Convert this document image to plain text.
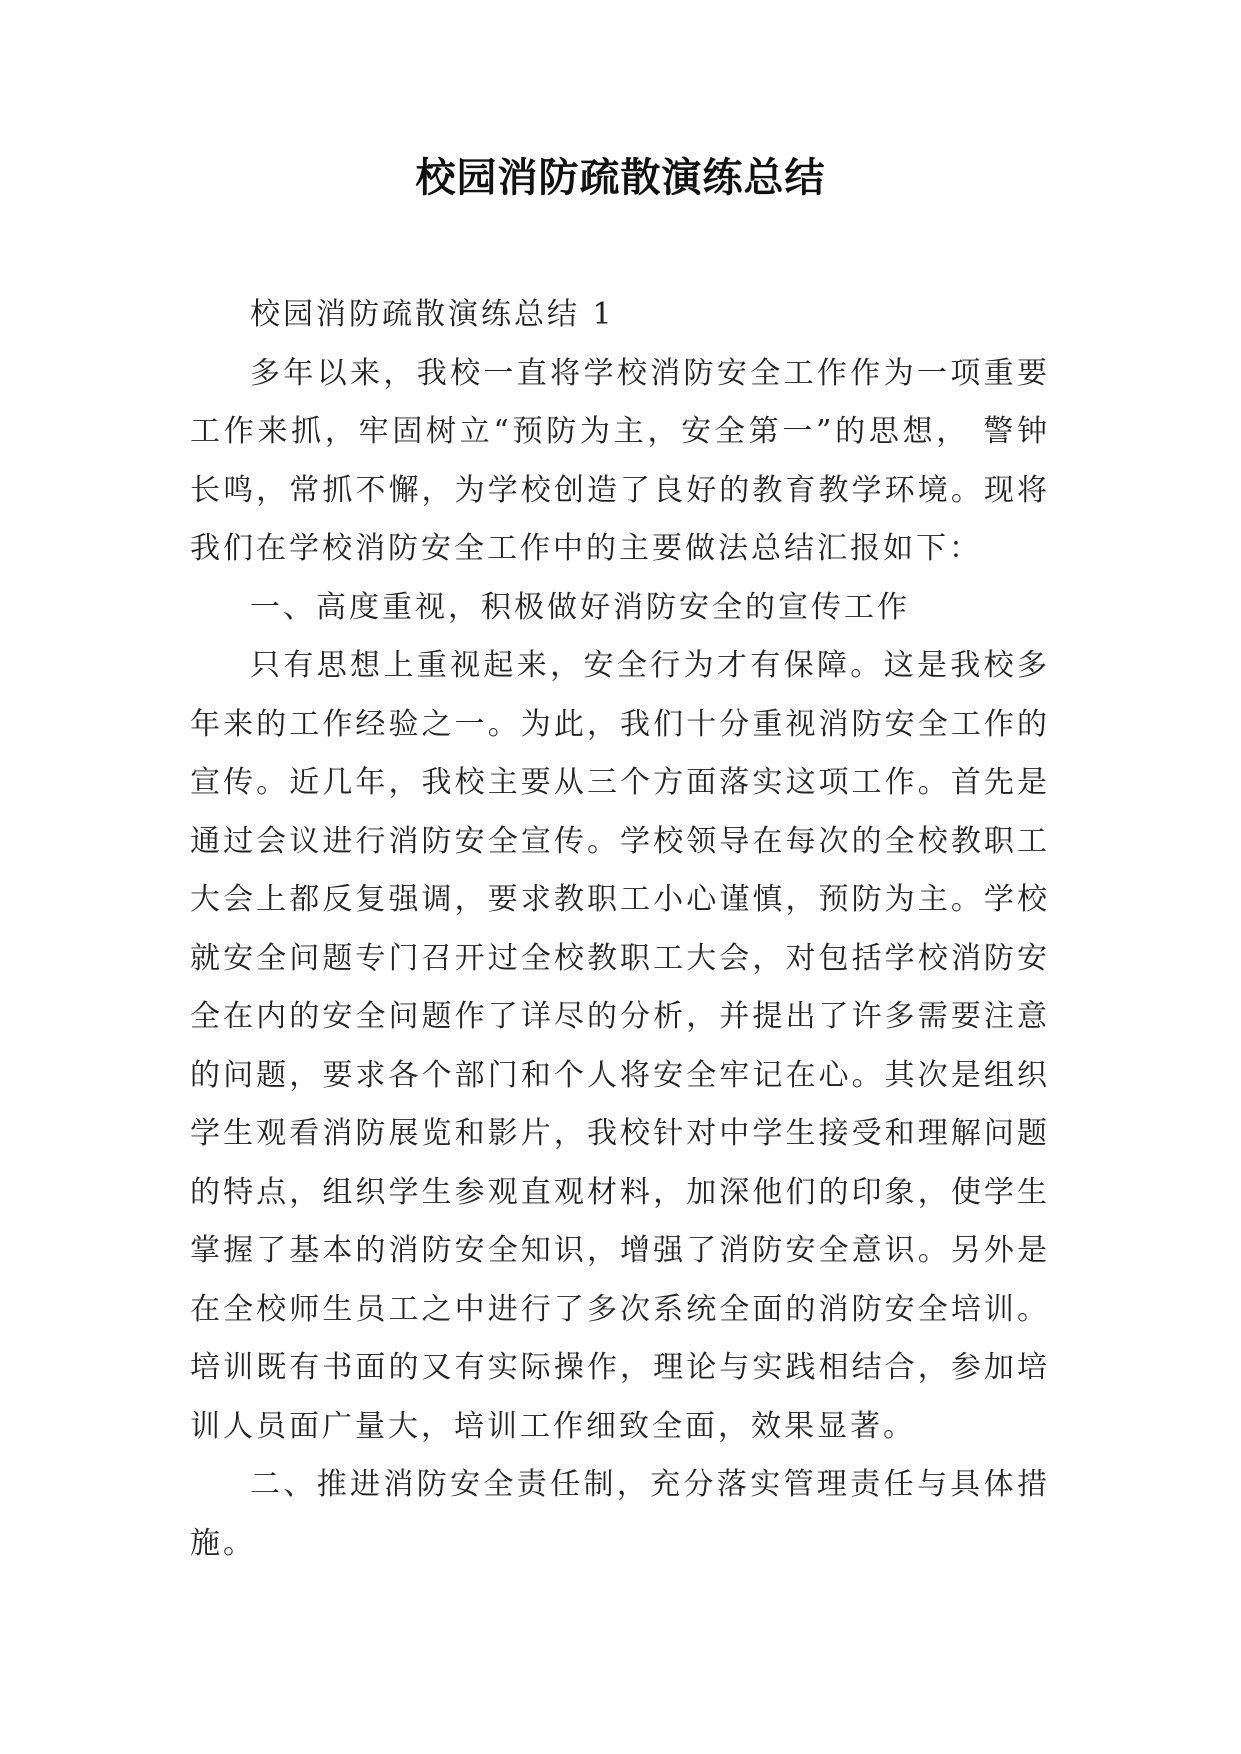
校园消防疏散演练总结

校园消防疏散演练总结 1

多年以来，我校一直将学校消防安全工作作为一项重要工作来抓，牢固树立“预防为主，安全第一”的思想， 警钟长鸣，常抓不懈，为学校创造了良好的教育教学环境。现将我们在学校消防安全工作中的主要做法总结汇报如下：

一、高度重视，积极做好消防安全的宣传工作

只有思想上重视起来，安全行为才有保障。这是我校多年来的工作经验之一。为此，我们十分重视消防安全工作的宣传。近几年，我校主要从三个方面落实这项工作。首先是通过会议进行消防安全宣传。学校领导在每次的全校教职工大会上都反复强调，要求教职工小心谨慎，预防为主。学校就安全问题专门召开过全校教职工大会，对包括学校消防安全在内的安全问题作了详尽的分析，并提出了许多需要注意的问题，要求各个部门和个人将安全牢记在心。其次是组织学生观看消防展览和影片，我校针对中学生接受和理解问题的特点，组织学生参观直观材料，加深他们的印象，使学生掌握了基本的消防安全知识，增强了消防安全意识。另外是在全校师生员工之中进行了多次系统全面的消防安全培训。培训既有书面的又有实际操作，理论与实践相结合，参加培训人员面广量大，培训工作细致全面，效果显著。

二、推进消防安全责任制，充分落实管理责任与具体措施。
